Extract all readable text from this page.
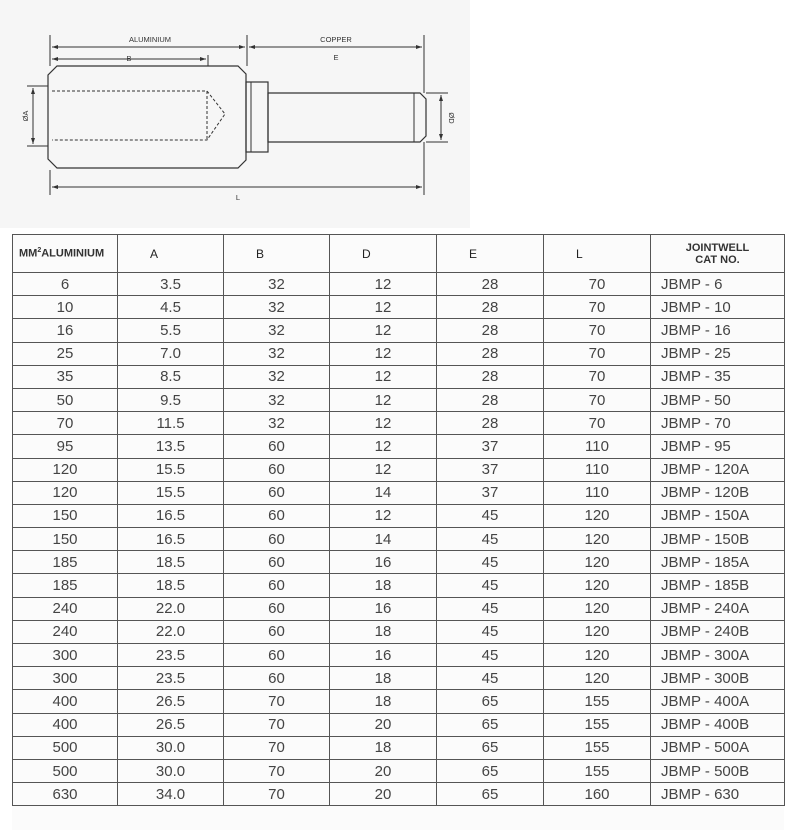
ALUMINIUM	COPPER
B	E
L
ØA	ØD
$MM^2ALUMINIUM$	A	B	D	E	L	JOINTWELL
CAT NO.
6	3.5	32	12	28	70	JBMP - 6
10	4.5	32	12	28	70	JBMP - 10
16	5.5	32	12	28	70	JBMP - 16
25	7.0	32	12	28	70	JBMP - 25
35	8.5	32	12	28	70	JBMP - 35
50	9.5	32	12	28	70	JBMP - 50
70	11.5	32	12	28	70	JBMP - 70
95	13.5	60	12	37	110	JBMP - 95
120	15.5	60	12	37	110	JBMP - 120A
120	15.5	60	14	37	110	JBMP - 120B
150	16.5	60	12	45	120	JBMP - 150A
150	16.5	60	14	45	120	JBMP - 150B
185	18.5	60	16	45	120	JBMP - 185A
185	18.5	60	18	45	120	JBMP - 185B
240	22.0	60	16	45	120	JBMP - 240A
240	22.0	60	18	45	120	JBMP - 240B
300	23.5	60	16	45	120	JBMP - 300A
300	23.5	60	18	45	120	JBMP - 300B
400	26.5	70	18	65	155	JBMP - 400A
400	26.5	70	20	65	155	JBMP - 400B
500	30.0	70	18	65	155	JBMP - 500A
500	30.0	70	20	65	155	JBMP - 500B
630	34.0	70	20	65	160	JBMP - 630
